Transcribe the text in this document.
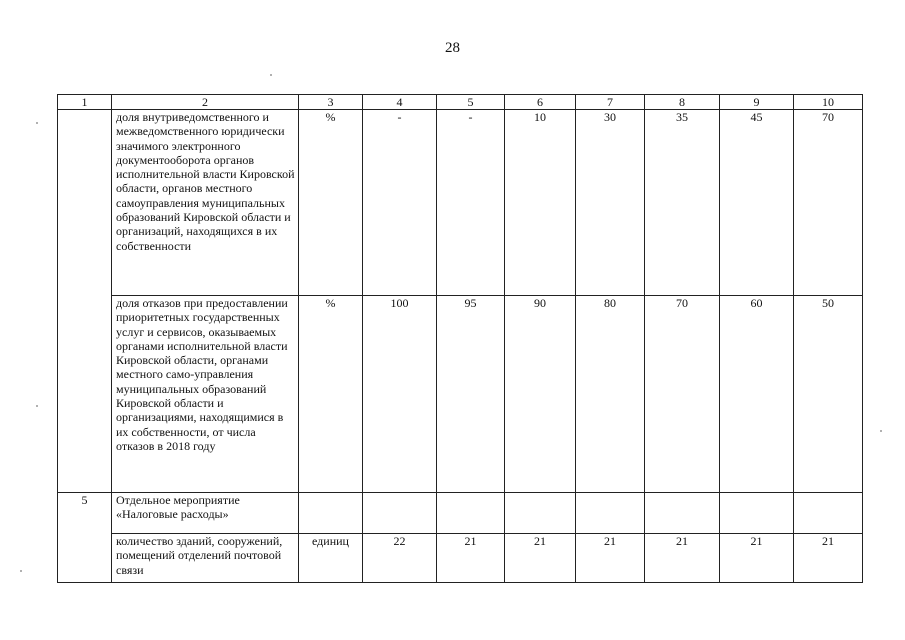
28
1	2	3	4	5	6	7	8	9	10
	доля внутриведомственного и межведомственного юридически значимого электронного документооборота органов исполнительной власти Кировской области, органов местного самоуправления муниципальных образований Кировской области и организаций, находящихся в их собственности	%	-	-	10	30	35	45	70
	доля отказов при предоставлении приоритетных государственных услуг и сервисов, оказываемых органами исполнительной власти Кировской области, органами местного само-управления муниципальных образований Кировской области и организациями, находящимися в их собственности, от числа отказов в 2018 году	%	100	95	90	80	70	60	50
5	Отдельное мероприятие «Налоговые расходы»								
	количество зданий, сооружений, помещений отделений почтовой связи	единиц	22	21	21	21	21	21	21
